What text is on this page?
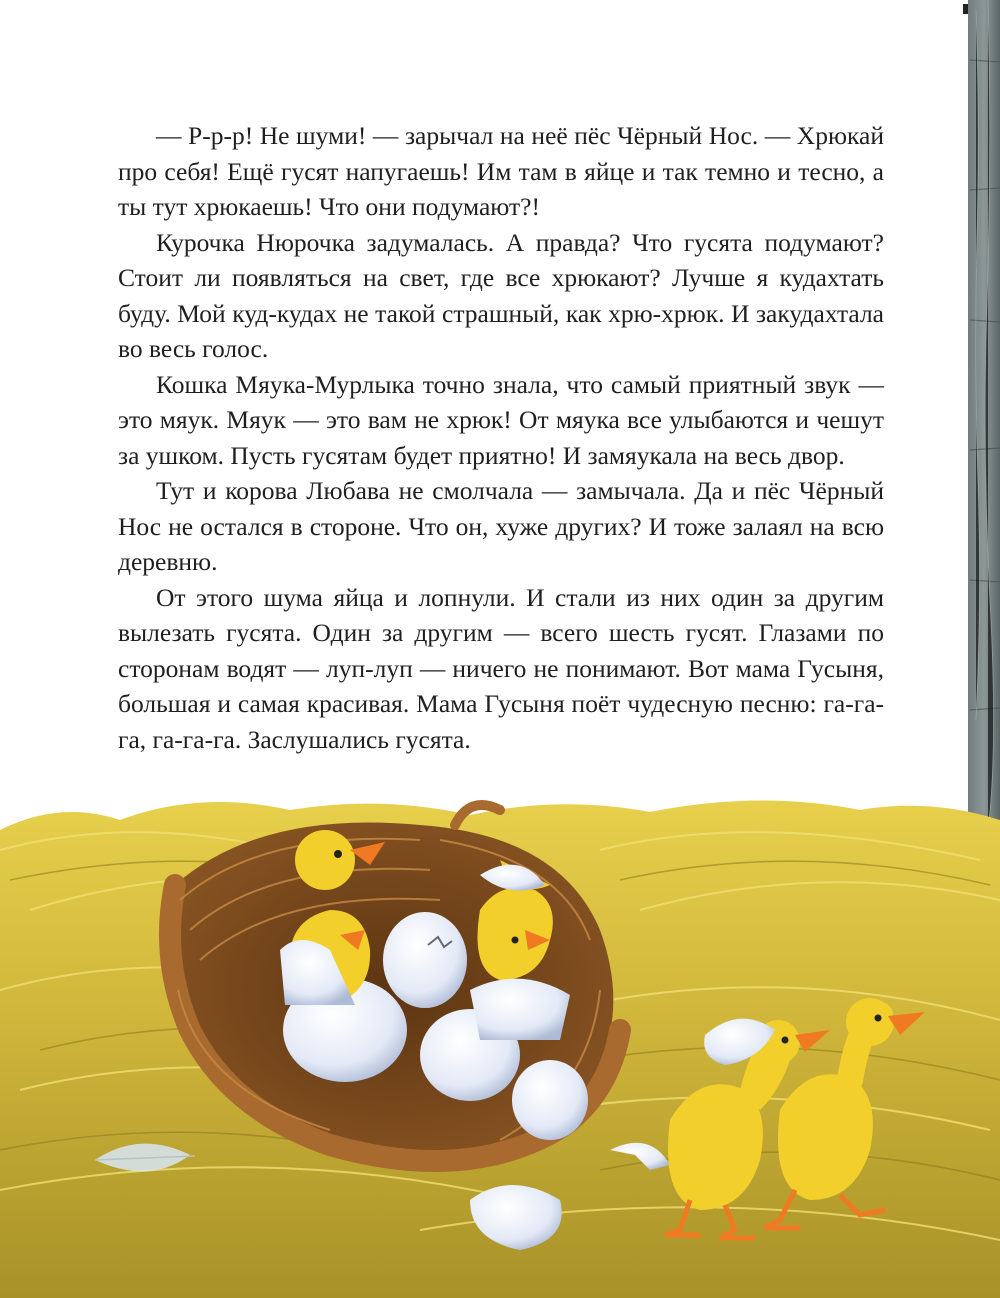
— Р-р-р! Не шуми! — зарычал на неё пёс Чёрный Нос. — Хрюкай про себя! Ещё гусят напугаешь! Им там в яйце и так темно и тесно, а ты тут хрюкаешь! Что они подумают?!

Курочка Нюрочка задумалась. А правда? Что гусята подумают? Стоит ли появляться на свет, где все хрюкают? Лучше я кудахтать буду. Мой куд-кудах не такой страшный, как хрю-хрюк. И закудахтала во весь голос.

Кошка Мяука-Мурлыка точно знала, что самый приятный звук — это мяук. Мяук — это вам не хрюк! От мяука все улыбаются и чешут за ушком. Пусть гусятам будет приятно! И замяукала на весь двор.

Тут и корова Любава не смолчала — замычала. Да и пёс Чёрный Нос не остался в стороне. Что он, хуже других? И тоже залаял на всю деревню.

От этого шума яйца и лопнули. И стали из них один за другим вылезать гусята. Один за другим — всего шесть гусят. Глазами по сторонам водят — луп-луп — ничего не понимают. Вот мама Гусыня, большая и самая красивая. Мама Гусыня поёт чудесную песню: га-га-га, га-га-га. Заслушались гусята.
